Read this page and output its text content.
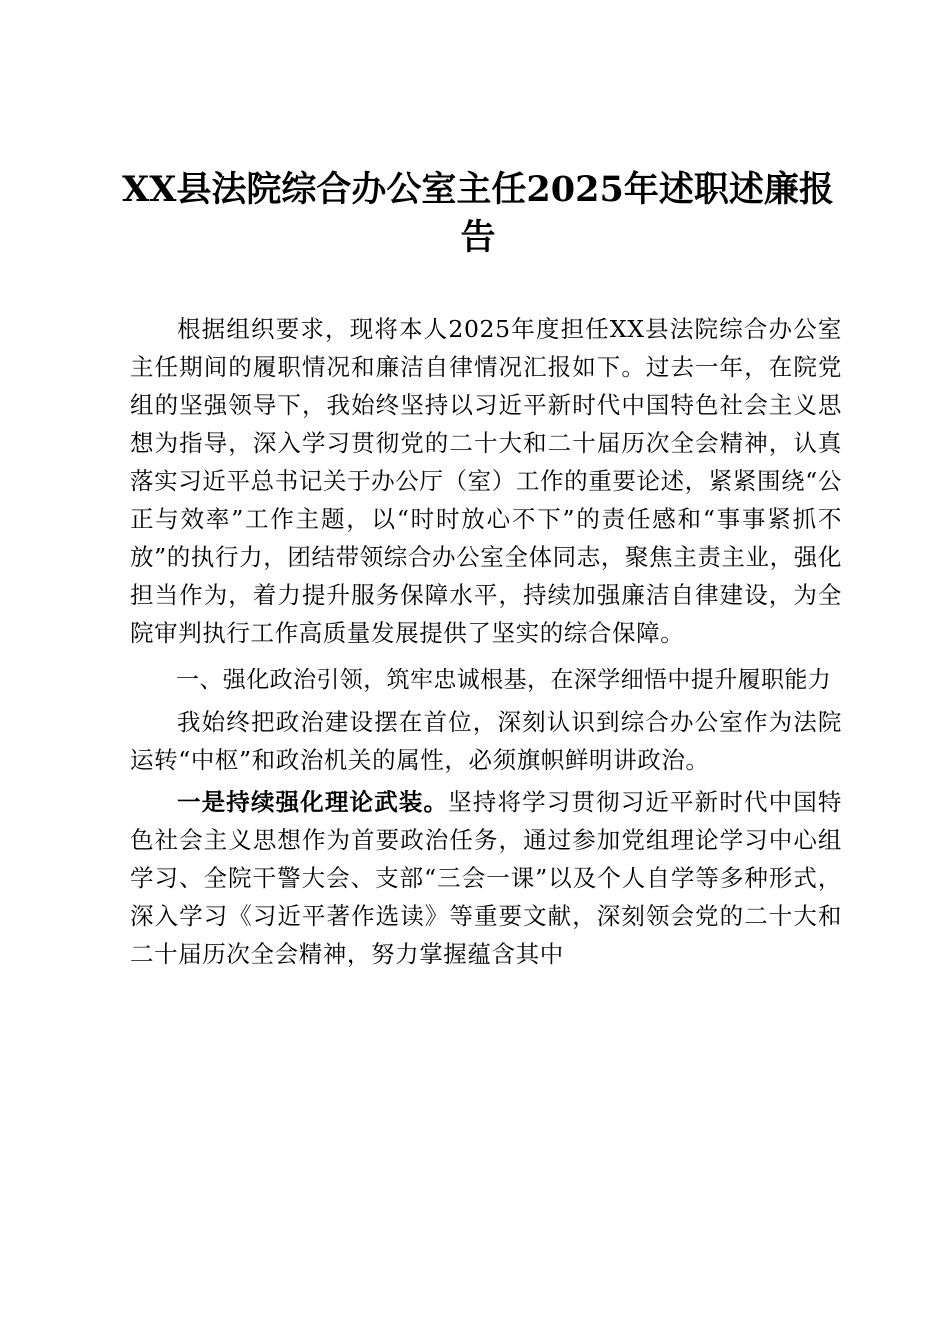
XX县法院综合办公室主任2025年述职述廉报告

根据组织要求，现将本人2025年度担任XX县法院综合办公室主任期间的履职情况和廉洁自律情况汇报如下。过去一年，在院党组的坚强领导下，我始终坚持以习近平新时代中国特色社会主义思想为指导，深入学习贯彻党的二十大和二十届历次全会精神，认真落实习近平总书记关于办公厅（室）工作的重要论述，紧紧围绕“公正与效率”工作主题，以“时时放心不下”的责任感和“事事紧抓不放”的执行力，团结带领综合办公室全体同志，聚焦主责主业，强化担当作为，着力提升服务保障水平，持续加强廉洁自律建设，为全院审判执行工作高质量发展提供了坚实的综合保障。

一、强化政治引领，筑牢忠诚根基，在深学细悟中提升履职能力

我始终把政治建设摆在首位，深刻认识到综合办公室作为法院运转“中枢”和政治机关的属性，必须旗帜鲜明讲政治。

一是持续强化理论武装。坚持将学习贯彻习近平新时代中国特色社会主义思想作为首要政治任务，通过参加党组理论学习中心组学习、全院干警大会、支部“三会一课”以及个人自学等多种形式，深入学习《习近平著作选读》等重要文献，深刻领会党的二十大和二十届历次全会精神，努力掌握蕴含其中
